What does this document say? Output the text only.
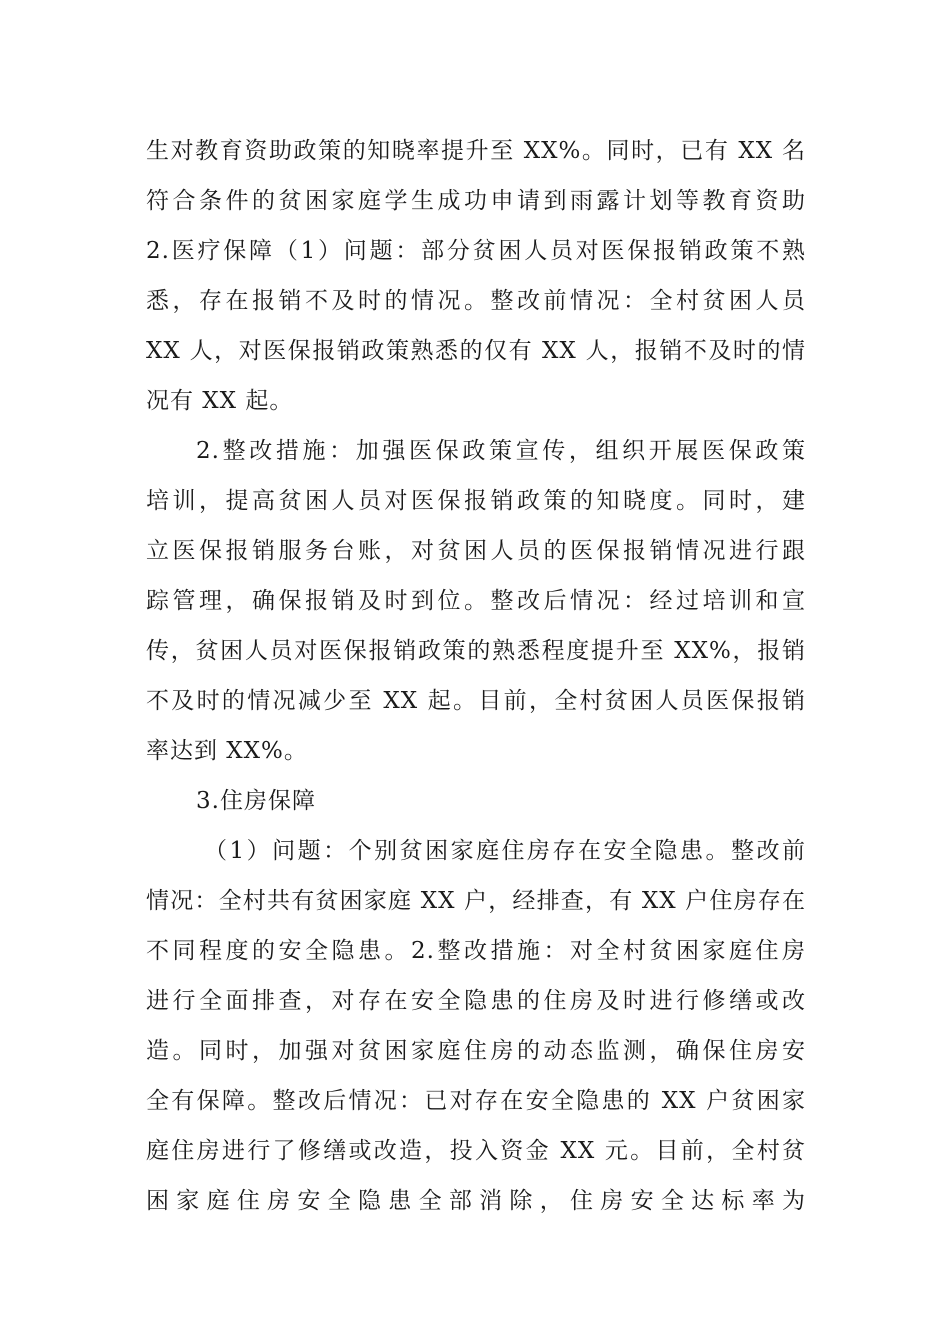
生对教育资助政策的知晓率提升至 XX%。同时，已有 XX 名
符合条件的贫困家庭学生成功申请到雨露计划等教育资助
2.医疗保障（1）问题：部分贫困人员对医保报销政策不熟
悉，存在报销不及时的情况。整改前情况：全村贫困人员
XX 人，对医保报销政策熟悉的仅有 XX 人，报销不及时的情
况有 XX 起。
2.整改措施：加强医保政策宣传，组织开展医保政策
培训，提高贫困人员对医保报销政策的知晓度。同时，建
立医保报销服务台账，对贫困人员的医保报销情况进行跟
踪管理，确保报销及时到位。整改后情况：经过培训和宣
传，贫困人员对医保报销政策的熟悉程度提升至 XX%，报销
不及时的情况减少至 XX 起。目前，全村贫困人员医保报销
率达到 XX%。
3.住房保障
（1）问题：个别贫困家庭住房存在安全隐患。整改前
情况：全村共有贫困家庭 XX 户，经排查，有 XX 户住房存在
不同程度的安全隐患。2.整改措施：对全村贫困家庭住房
进行全面排查，对存在安全隐患的住房及时进行修缮或改
造。同时，加强对贫困家庭住房的动态监测，确保住房安
全有保障。整改后情况：已对存在安全隐患的 XX 户贫困家
庭住房进行了修缮或改造，投入资金 XX 元。目前，全村贫
困家庭住房安全隐患全部消除，住房安全达标率为
